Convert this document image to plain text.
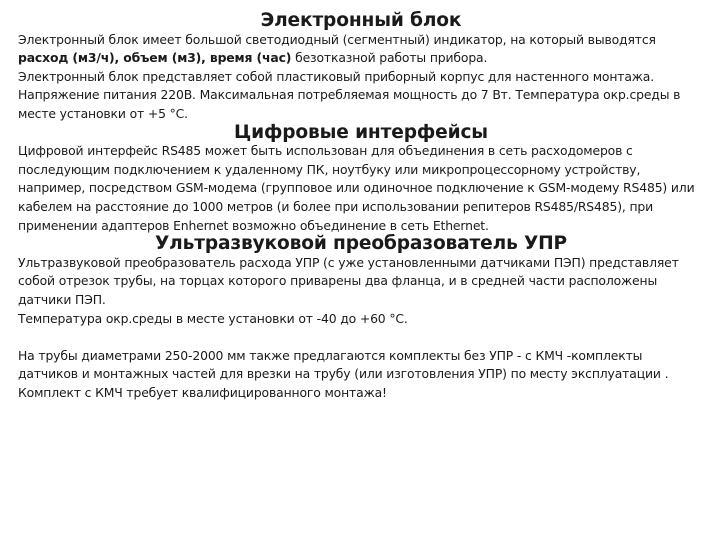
Электронный блок

Электронный блок имеет большой светодиодный (сегментный) индикатор, на который выводятся расход (м3/ч), объем (м3), время (час) безотказной работы прибора.

Электронный блок представляет собой пластиковый приборный корпус для настенного монтажа.

Напряжение питания 220В. Максимальная потребляемая мощность до 7 Вт. Температура окр.среды в месте установки от +5 °С.

Цифровые интерфейсы

Цифровой интерфейс RS485 может быть использован для объединения в сеть расходомеров с последующим подключением к удаленному ПК, ноутбуку или микропроцессорному устройству, например, посредством GSM-модема (групповое или одиночное подключение к GSM-модему RS485) или кабелем на расстояние до 1000 метров (и более при использовании репитеров RS485/RS485), при применении адаптеров Enhernet возможно объединение в сеть Ethernet.

Ультразвуковой преобразователь УПР

Ультразвуковой преобразователь расхода УПР (с уже установленными датчиками ПЭП) представляет собой отрезок трубы, на торцах которого приварены два фланца, и в средней части расположены датчики ПЭП.

Температура окр.среды в месте установки от -40 до +60 °С.

На трубы диаметрами 250-2000 мм также предлагаются комплекты без УПР - с КМЧ -комплекты датчиков и монтажных частей для врезки на трубу (или изготовления УПР) по месту эксплуатации . Комплект с КМЧ требует квалифицированного монтажа!
